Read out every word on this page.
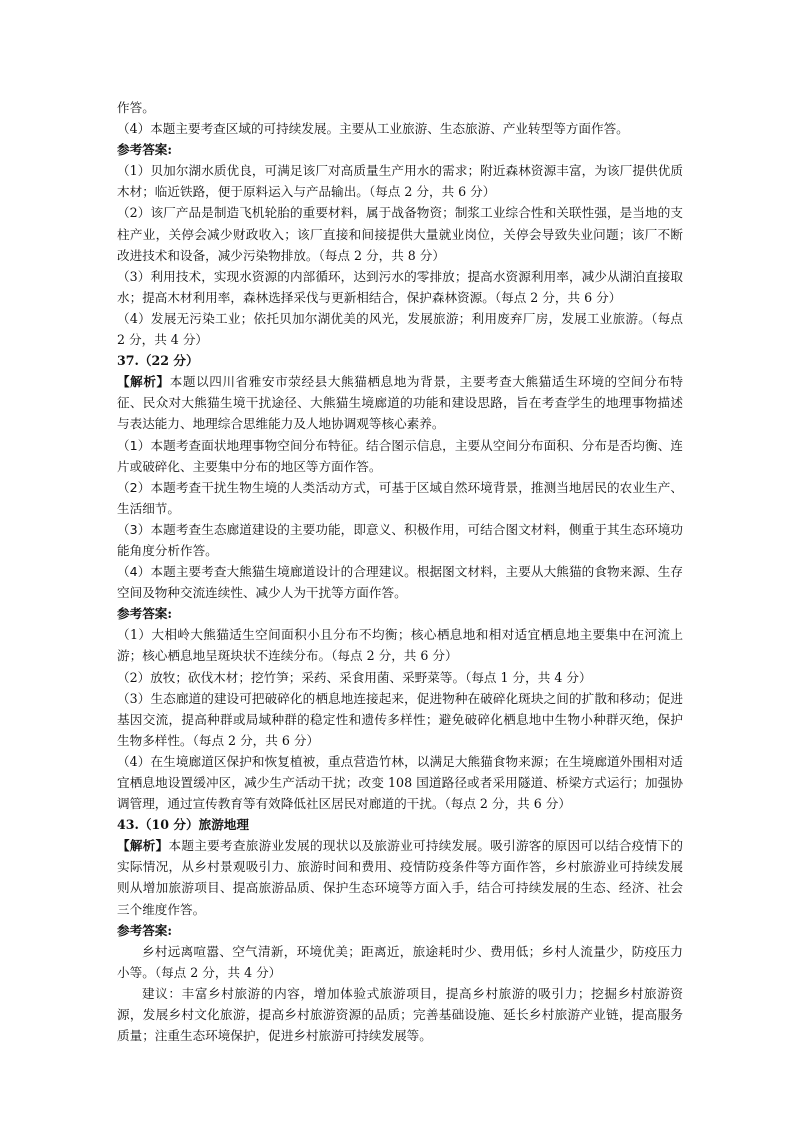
作答。

（4）本题主要考查区域的可持续发展。主要从工业旅游、生态旅游、产业转型等方面作答。

参考答案:

（1）贝加尔湖水质优良，可满足该厂对高质量生产用水的需求；附近森林资源丰富，为该厂提供优质木材；临近铁路，便于原料运入与产品输出。（每点 2 分，共 6 分）

（2）该厂产品是制造飞机轮胎的重要材料，属于战备物资；制浆工业综合性和关联性强，是当地的支柱产业，关停会减少财政收入；该厂直接和间接提供大量就业岗位，关停会导致失业问题；该厂不断改进技术和设备，减少污染物排放。（每点 2 分，共 8 分）

（3）利用技术，实现水资源的内部循环，达到污水的零排放；提高水资源利用率，减少从湖泊直接取水；提高木材利用率，森林选择采伐与更新相结合，保护森林资源。（每点 2 分，共 6 分）

（4）发展无污染工业；依托贝加尔湖优美的风光，发展旅游；利用废弃厂房，发展工业旅游。（每点 2 分，共 4 分）

37.（22 分）

【解析】本题以四川省雅安市荥经县大熊猫栖息地为背景，主要考查大熊猫适生环境的空间分布特征、民众对大熊猫生境干扰途径、大熊猫生境廊道的功能和建设思路，旨在考查学生的地理事物描述与表达能力、地理综合思维能力及人地协调观等核心素养。

（1）本题考查面状地理事物空间分布特征。结合图示信息，主要从空间分布面积、分布是否均衡、连片或破碎化、主要集中分布的地区等方面作答。

（2）本题考查干扰生物生境的人类活动方式，可基于区域自然环境背景，推测当地居民的农业生产、生活细节。

（3）本题考查生态廊道建设的主要功能，即意义、积极作用，可结合图文材料，侧重于其生态环境功能角度分析作答。

（4）本题主要考查大熊猫生境廊道设计的合理建议。根据图文材料，主要从大熊猫的食物来源、生存空间及物种交流连续性、减少人为干扰等方面作答。

参考答案:

（1）大相岭大熊猫适生空间面积小且分布不均衡；核心栖息地和相对适宜栖息地主要集中在河流上游；核心栖息地呈斑块状不连续分布。（每点 2 分，共 6 分）

（2）放牧；砍伐木材；挖竹笋；采药、采食用菌、采野菜等。（每点 1 分，共 4 分）

（3）生态廊道的建设可把破碎化的栖息地连接起来，促进物种在破碎化斑块之间的扩散和移动；促进基因交流，提高种群或局域种群的稳定性和遗传多样性；避免破碎化栖息地中生物小种群灭绝，保护生物多样性。（每点 2 分，共 6 分）

（4）在生境廊道区保护和恢复植被，重点营造竹林，以满足大熊猫食物来源；在生境廊道外围相对适宜栖息地设置缓冲区，减少生产活动干扰；改变 108 国道路径或者采用隧道、桥梁方式运行；加强协调管理，通过宣传教育等有效降低社区居民对廊道的干扰。（每点 2 分，共 6 分）

43.（10 分）旅游地理

【解析】本题主要考查旅游业发展的现状以及旅游业可持续发展。吸引游客的原因可以结合疫情下的实际情况，从乡村景观吸引力、旅游时间和费用、疫情防疫条件等方面作答，乡村旅游业可持续发展则从增加旅游项目、提高旅游品质、保护生态环境等方面入手，结合可持续发展的生态、经济、社会三个维度作答。

参考答案:

乡村远离喧嚣、空气清新，环境优美；距离近，旅途耗时少、费用低；乡村人流量少，防疫压力小等。（每点 2 分，共 4 分）

建议：丰富乡村旅游的内容，增加体验式旅游项目，提高乡村旅游的吸引力；挖掘乡村旅游资源，发展乡村文化旅游，提高乡村旅游资源的品质；完善基础设施、延长乡村旅游产业链，提高服务质量；注重生态环境保护，促进乡村旅游可持续发展等。
